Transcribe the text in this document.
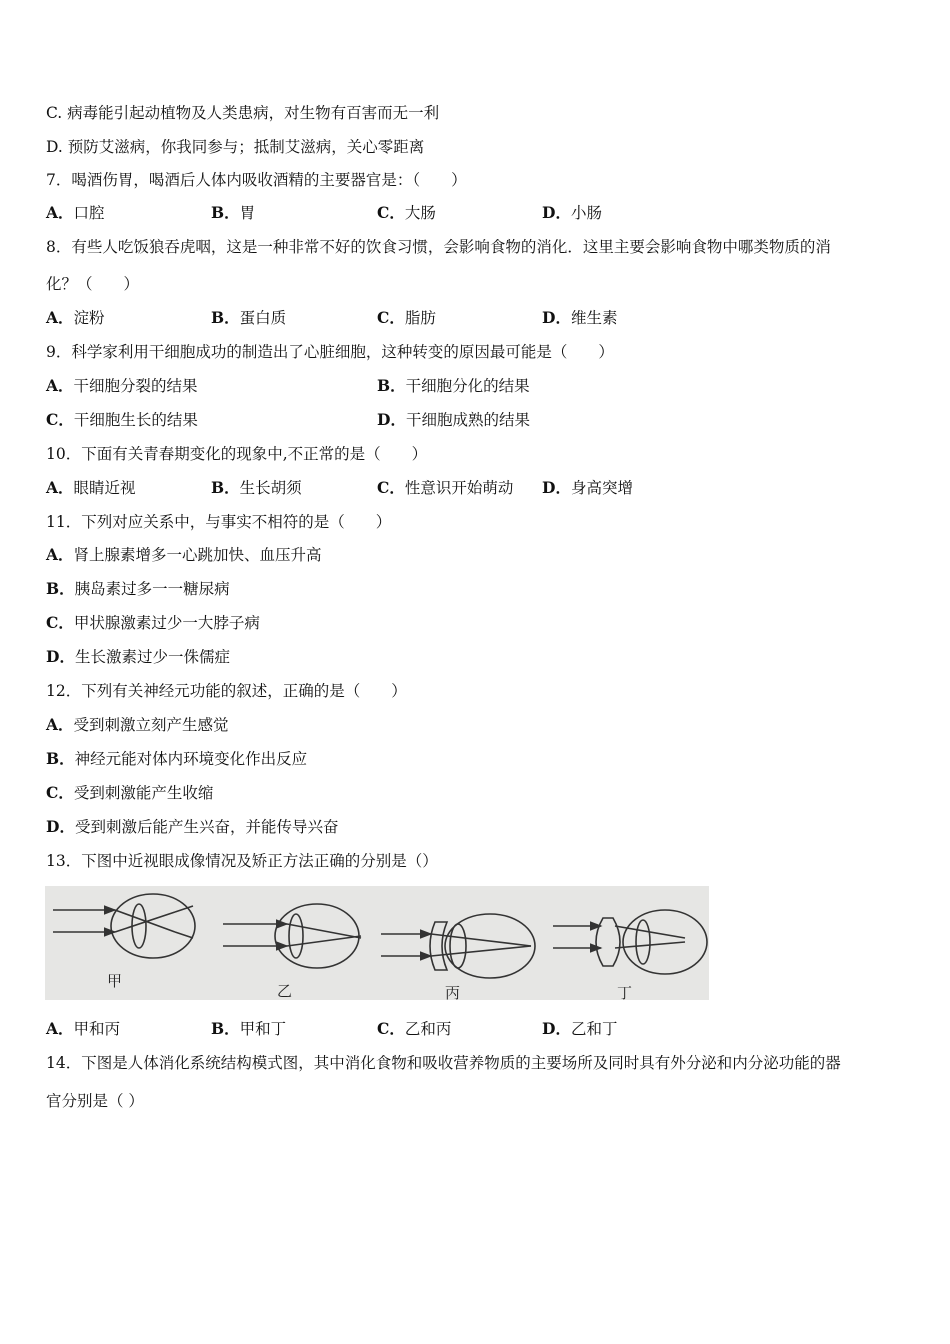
C. 病毒能引起动植物及人类患病，对生物有百害而无一利
D. 预防艾滋病，你我同参与；抵制艾滋病，关心零距离
7．喝酒伤胃，喝酒后人体内吸收酒精的主要器官是：（　　）
A．口腔	B．胃	C．大肠	D．小肠
8．有些人吃饭狼吞虎咽，这是一种非常不好的饮食习惯，会影响食物的消化．这里主要会影响食物中哪类物质的消
化？（　　）
A．淀粉	B．蛋白质	C．脂肪	D．维生素
9．科学家利用干细胞成功的制造出了心脏细胞，这种转变的原因最可能是（　　）
A．干细胞分裂的结果	B．干细胞分化的结果
C．干细胞生长的结果	D．干细胞成熟的结果
10．下面有关青春期变化的现象中,不正常的是（　　）
A．眼睛近视	B．生长胡须	C．性意识开始萌动 D．身高突增
11．下列对应关系中，与事实不相符的是（　　）
A．肾上腺素增多一心跳加快、血压升高
B．胰岛素过多一一糖尿病
C．甲状腺激素过少一大脖子病
D．生长激素过少一侏儒症
12．下列有关神经元功能的叙述，正确的是（　　）
A．受到刺激立刻产生感觉
B．神经元能对体内环境变化作出反应
C．受到刺激能产生收缩
D．受到刺激后能产生兴奋，并能传导兴奋
13．下图中近视眼成像情况及矫正方法正确的分别是（）
甲
乙	丙	丁
A．甲和丙	B．甲和丁	C．乙和丙	D．乙和丁
14．下图是人体消化系统结构模式图，其中消化食物和吸收营养物质的主要场所及同时具有外分泌和内分泌功能的器
官分别是（ ）
